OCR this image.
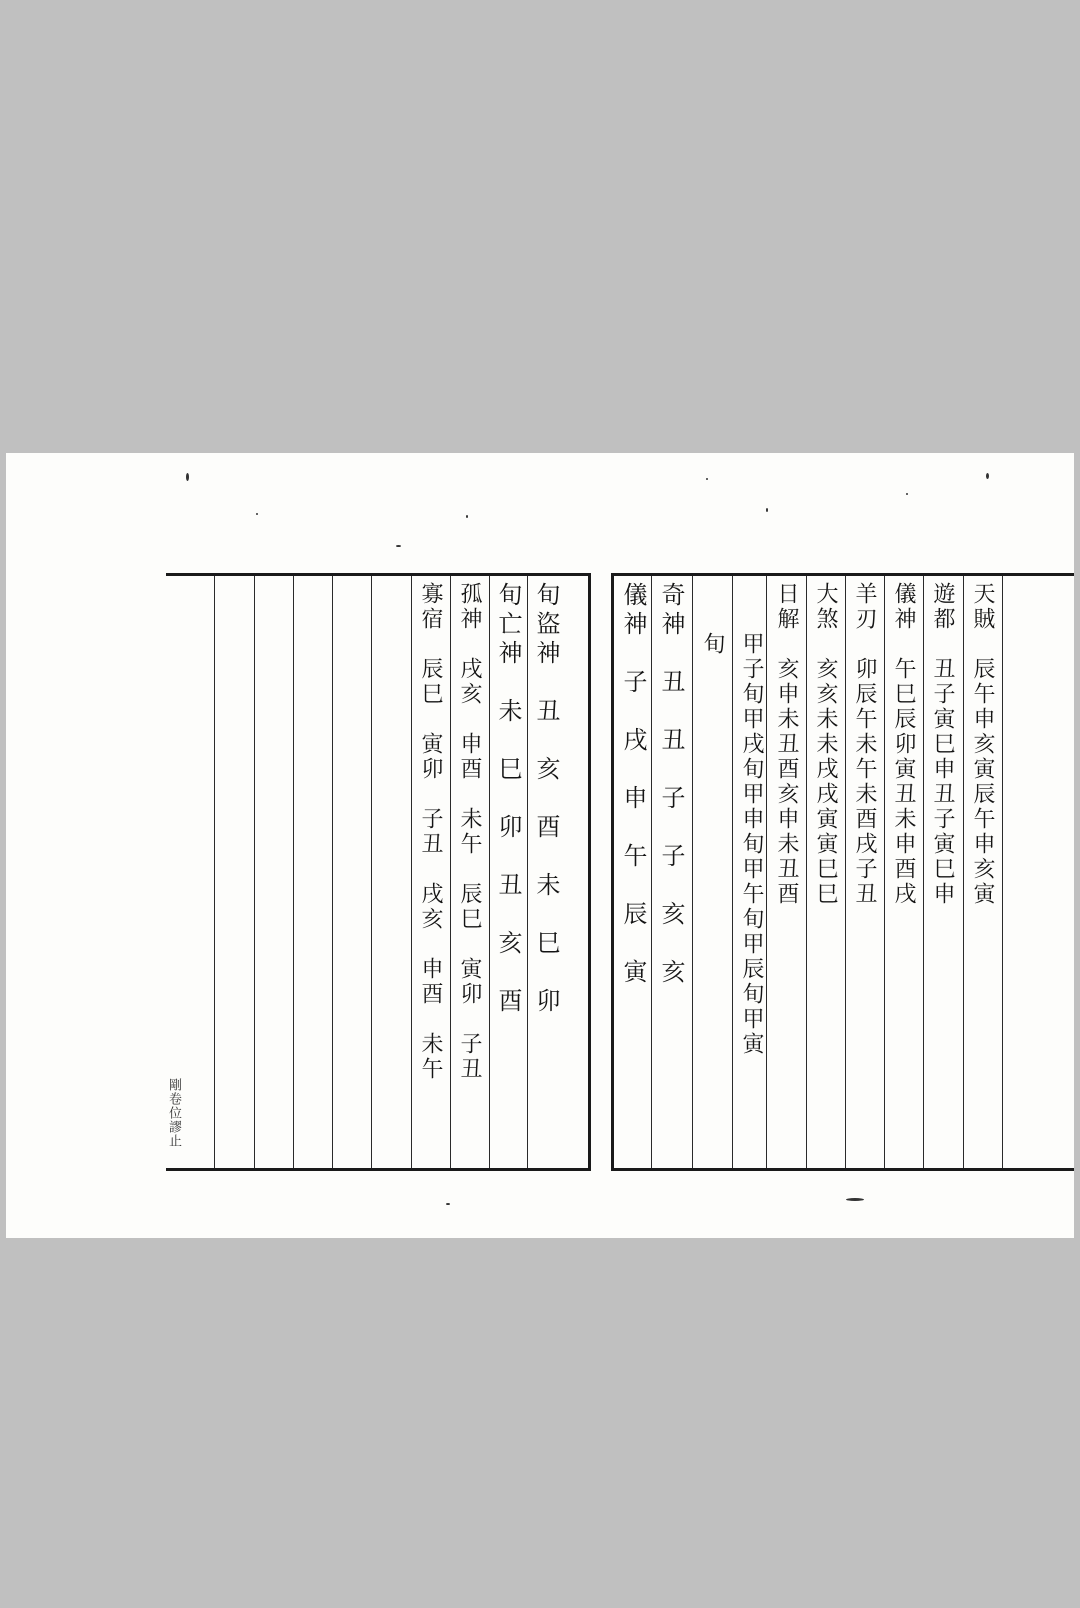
寡宿　辰巳　寅卯　子丑　戌亥　申酉　未午 孤神　戌亥　申酉　未午　辰巳　寅卯　子丑 旬亡神　未　巳　卯　丑　亥　酉 旬盜神　丑　亥　酉　未　巳　卯
剛卷位謬止
儀神　子　戌　申　午　辰　寅 奇神　丑　丑　子　子　亥　亥 　　旬 　　甲子旬甲戌旬甲申旬甲午旬甲辰旬甲寅 日解　亥申未丑酉亥申未丑酉 大煞　亥亥未未戌戌寅寅巳巳 羊刃　卯辰午未午未酉戌子丑 儀神　午巳辰卯寅丑未申酉戌 遊都　丑子寅巳申丑子寅巳申 天賊　辰午申亥寅辰午申亥寅
